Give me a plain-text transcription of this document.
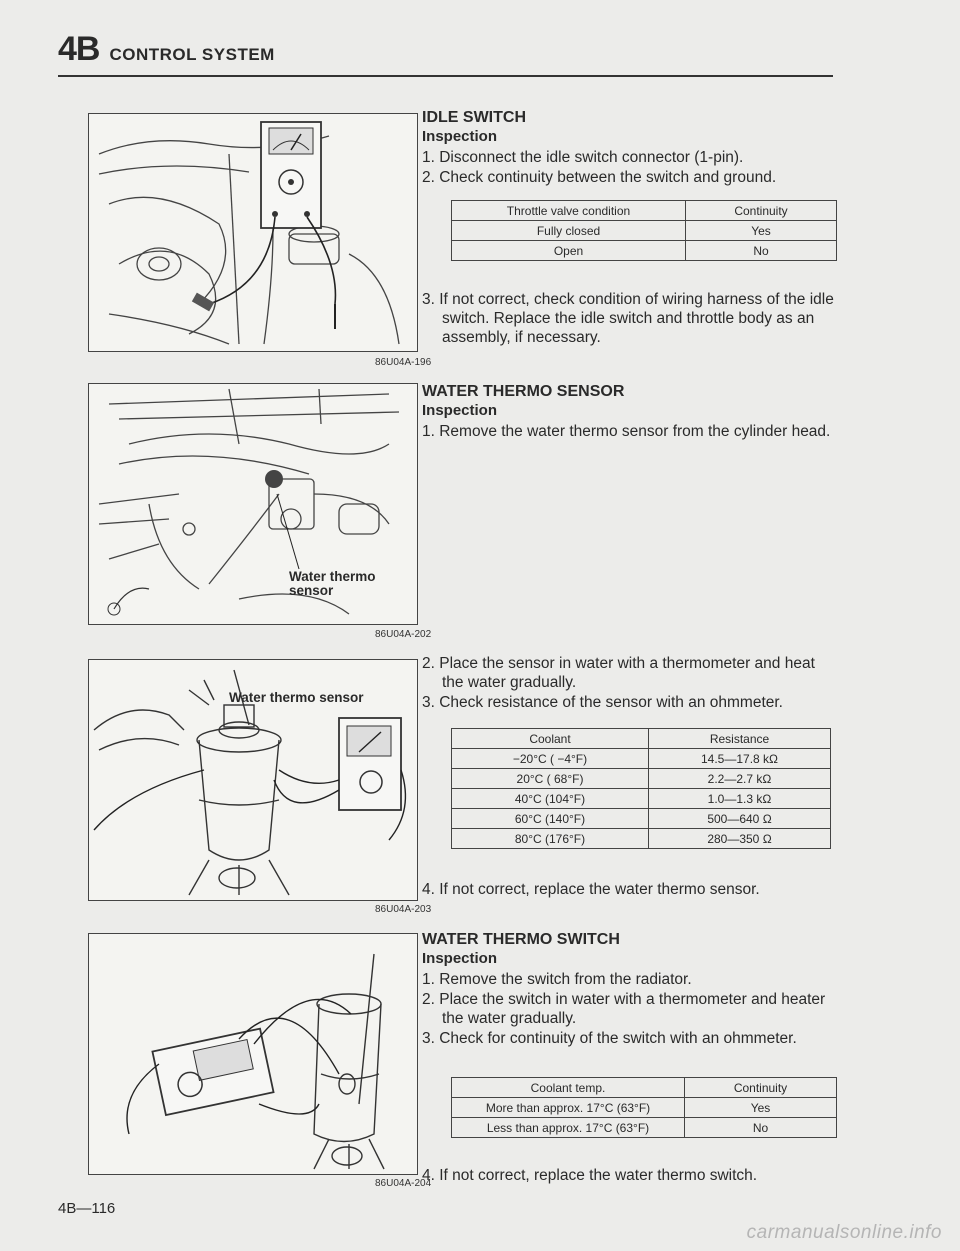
4B CONTROL SYSTEM
86U04A-196
Water thermo
sensor
86U04A-202
Water thermo sensor
86U04A-203
86U04A-204
IDLE SWITCH
Inspection
1. Disconnect the idle switch connector (1-pin).
2. Check continuity between the switch and ground.
Throttle valve condition	Continuity
Fully closed	Yes
Open	No
3. If not correct, check condition of wiring harness of the idle switch. Replace the idle switch and throttle body as an assembly, if necessary.
WATER THERMO SENSOR
Inspection
1. Remove the water thermo sensor from the cylinder head.
2. Place the sensor in water with a thermometer and heat the water gradually.
3. Check resistance of the sensor with an ohmmeter.
Coolant	Resistance
−20°C ( −4°F)	14.5—17.8 kΩ
20°C ( 68°F)	2.2—2.7 kΩ
40°C (104°F)	1.0—1.3 kΩ
60°C (140°F)	500—640 Ω
80°C (176°F)	280—350 Ω
4. If not correct, replace the water thermo sensor.
WATER THERMO SWITCH
Inspection
1. Remove the switch from the radiator.
2. Place the switch in water with a thermometer and heater the water gradually.
3. Check for continuity of the switch with an ohmmeter.
Coolant temp.	Continuity
More than approx. 17°C (63°F)	Yes
Less than approx. 17°C (63°F)	No
4. If not correct, replace the water thermo switch.
4B—116
carmanualsonline.info
